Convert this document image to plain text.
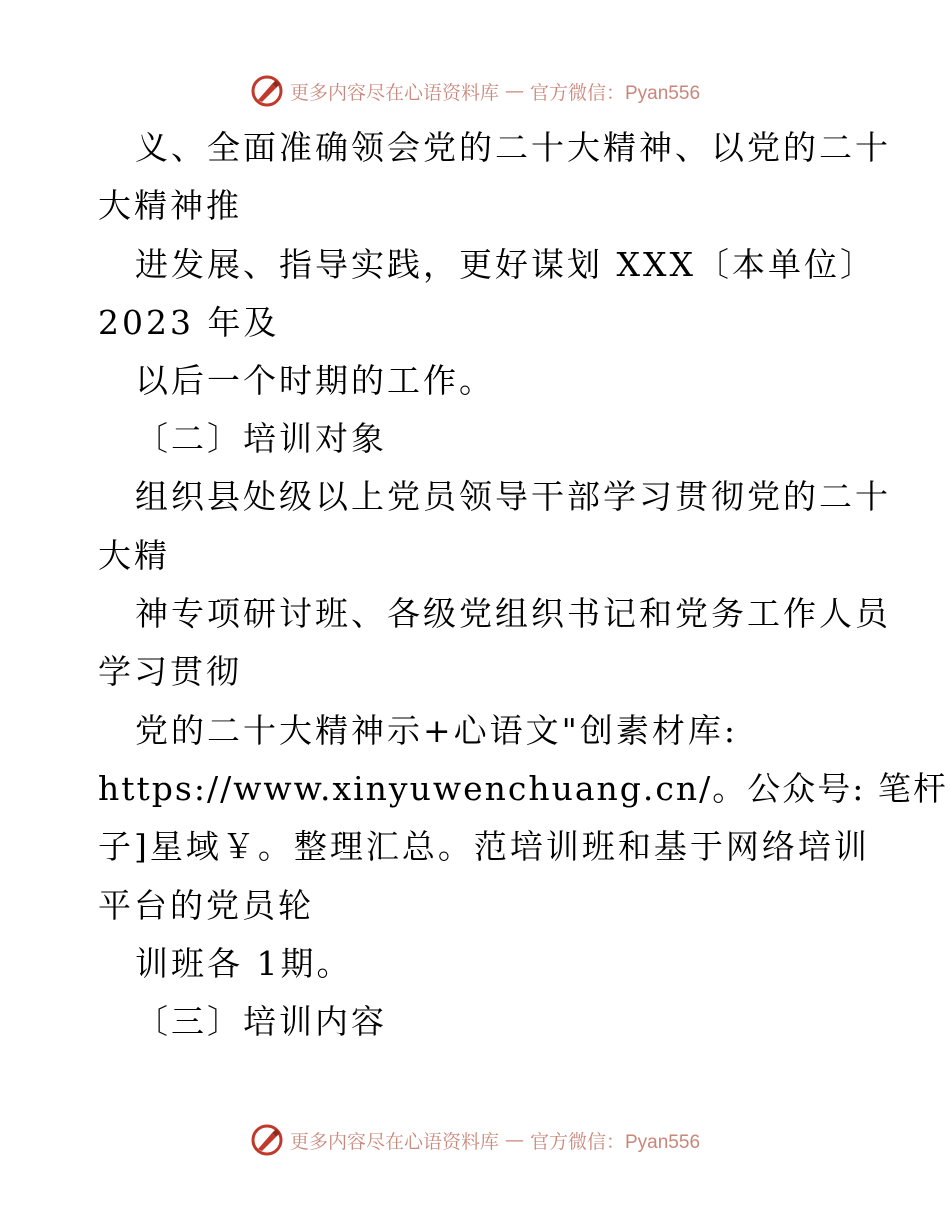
更多内容尽在心语资料库 — 官方微信：Pyan556
义、全面准确领会党的二十大精神、以党的二十
大精神推
进发展、指导实践，更好谋划 XXX〔本单位〕
2023 年及
以后一个时期的工作。
〔二〕培训对象
组织县处级以上党员领导干部学习贯彻党的二十
大精
神专项研讨班、各级党组织书记和党务工作人员
学习贯彻
党的二十大精神示+心语文"创素材库:
https://www.xinyuwenchuang.cn/。公众号: 笔杆
子]星域￥。整理汇总。范培训班和基于网络培训
平台的党员轮
训班各 1期。
〔三〕培训内容
更多内容尽在心语资料库 — 官方微信：Pyan556
